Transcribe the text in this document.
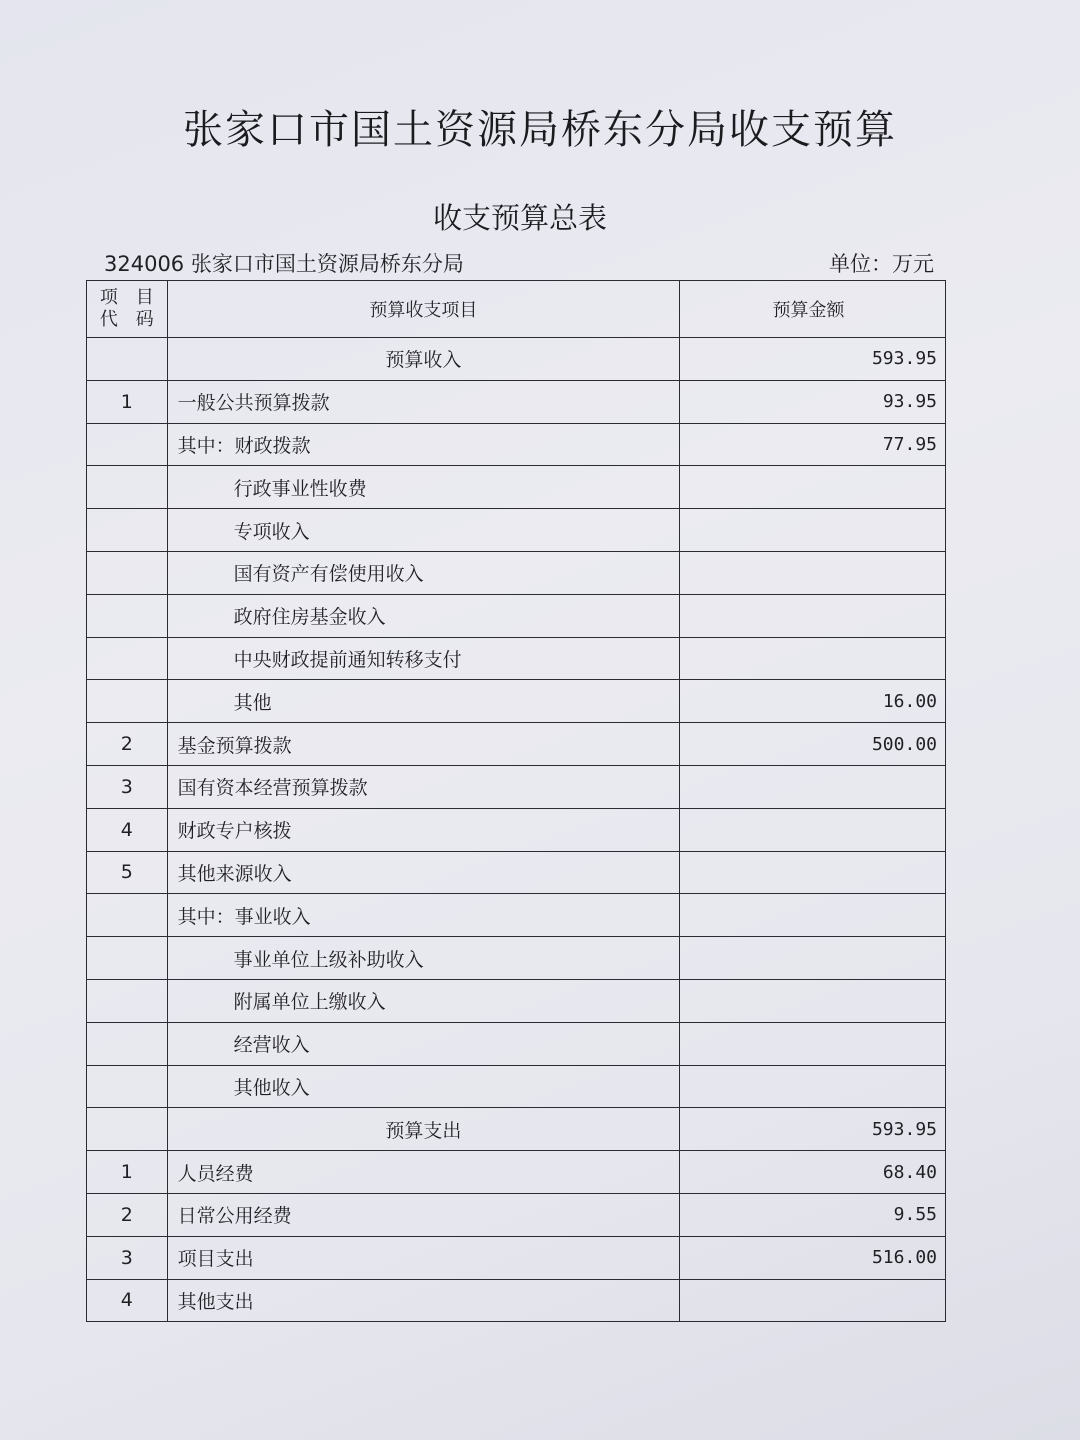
张家口市国土资源局桥东分局收支预算
收支预算总表
324006 张家口市国土资源局桥东分局	单位：万元
项　目
代　码	预算收支项目	预算金额
	预算收入	593.95
1	一般公共预算拨款	93.95
	其中：财政拨款	77.95
	行政事业性收费	
	专项收入	
	国有资产有偿使用收入	
	政府住房基金收入	
	中央财政提前通知转移支付	
	其他	16.00
2	基金预算拨款	500.00
3	国有资本经营预算拨款	
4	财政专户核拨	
5	其他来源收入	
	其中：事业收入	
	事业单位上级补助收入	
	附属单位上缴收入	
	经营收入	
	其他收入	
	预算支出	593.95
1	人员经费	68.40
2	日常公用经费	9.55
3	项目支出	516.00
4	其他支出	
